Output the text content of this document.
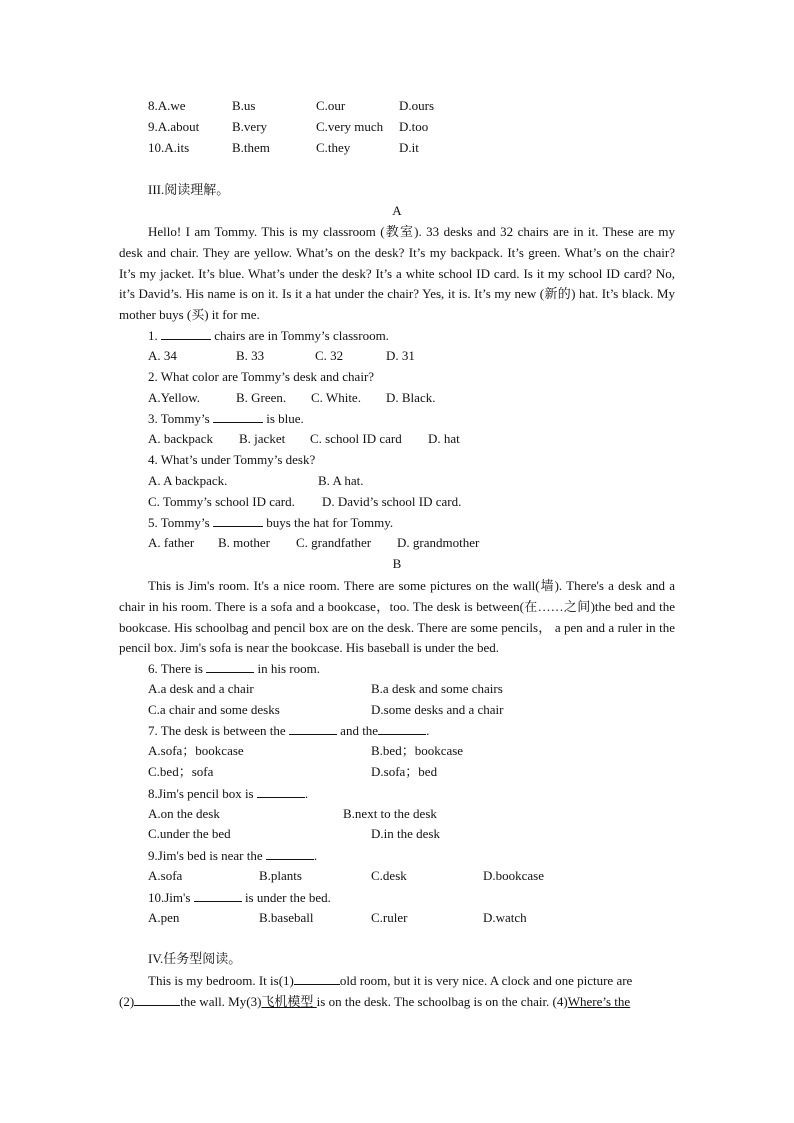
8.A.we	B.us	C.our	D.ours
9.A.about	B.very	C.very much D.too
10.A.its	B.them	C.they	D.it
III.阅读理解。
A

Hello! I am Tommy. This is my classroom (教室). 33 desks and 32 chairs are in it. These are my desk and chair. They are yellow. What’s on the desk? It’s my backpack. It’s green. What’s on the chair? It’s my jacket. It’s blue. What’s under the desk? It’s a white school ID card. Is it my school ID card? No, it’s David’s. His name is on it. Is it a hat under the chair? Yes, it is. It’s my new (新的) hat. It’s black. My mother buys (买) it for me.

1.	chairs are in Tommy’s classroom.
A. 34	B. 33	C. 32	D. 31
2. What color are Tommy’s desk and chair?
A.Yellow.	B. Green. C. White. D. Black.
3. Tommy’s	is blue.
A. backpack B. jacket C. school ID card D. hat
4. What’s under Tommy’s desk?
A. A backpack.	B. A hat.
C. Tommy’s school ID card. D. David’s school ID card.
5. Tommy’s	buys the hat for Tommy.
A. father B. mother C. grandfather D. grandmother
B

This is Jim's room. It's a nice room. There are some pictures on the wall(墙). There's a desk and a chair in his room. There is a sofa and a bookcase，too. The desk is between(在……之间)the bed and the bookcase. His schoolbag and pencil box are on the desk. There are some pencils， a pen and a ruler in the pencil box. Jim's sofa is near the bookcase. His baseball is under the bed.

6. There is	in his room.
A.a desk and a chair	B.a desk and some chairs
C.a chair and some desks	D.some desks and a chair
7. The desk is between the	and the	.
A.sofa；bookcase	B.bed；bookcase
C.bed；sofa	D.sofa；bed
8.Jim's pencil box is	.
A.on the desk	B.next to the desk
C.under the bed	D.in the desk
9.Jim's bed is near the	.
A.sofa	B.plants	C.desk	D.bookcase
10.Jim's	is under the bed.
A.pen	B.baseball	C.ruler	D.watch
IV.任务型阅读。
This is my bedroom. It is(1)	old room, but it is very nice. A clock and one picture are
(2)	the wall. My(3)飞机模型 is on the desk. The schoolbag is on the chair. (4)Where’s the
